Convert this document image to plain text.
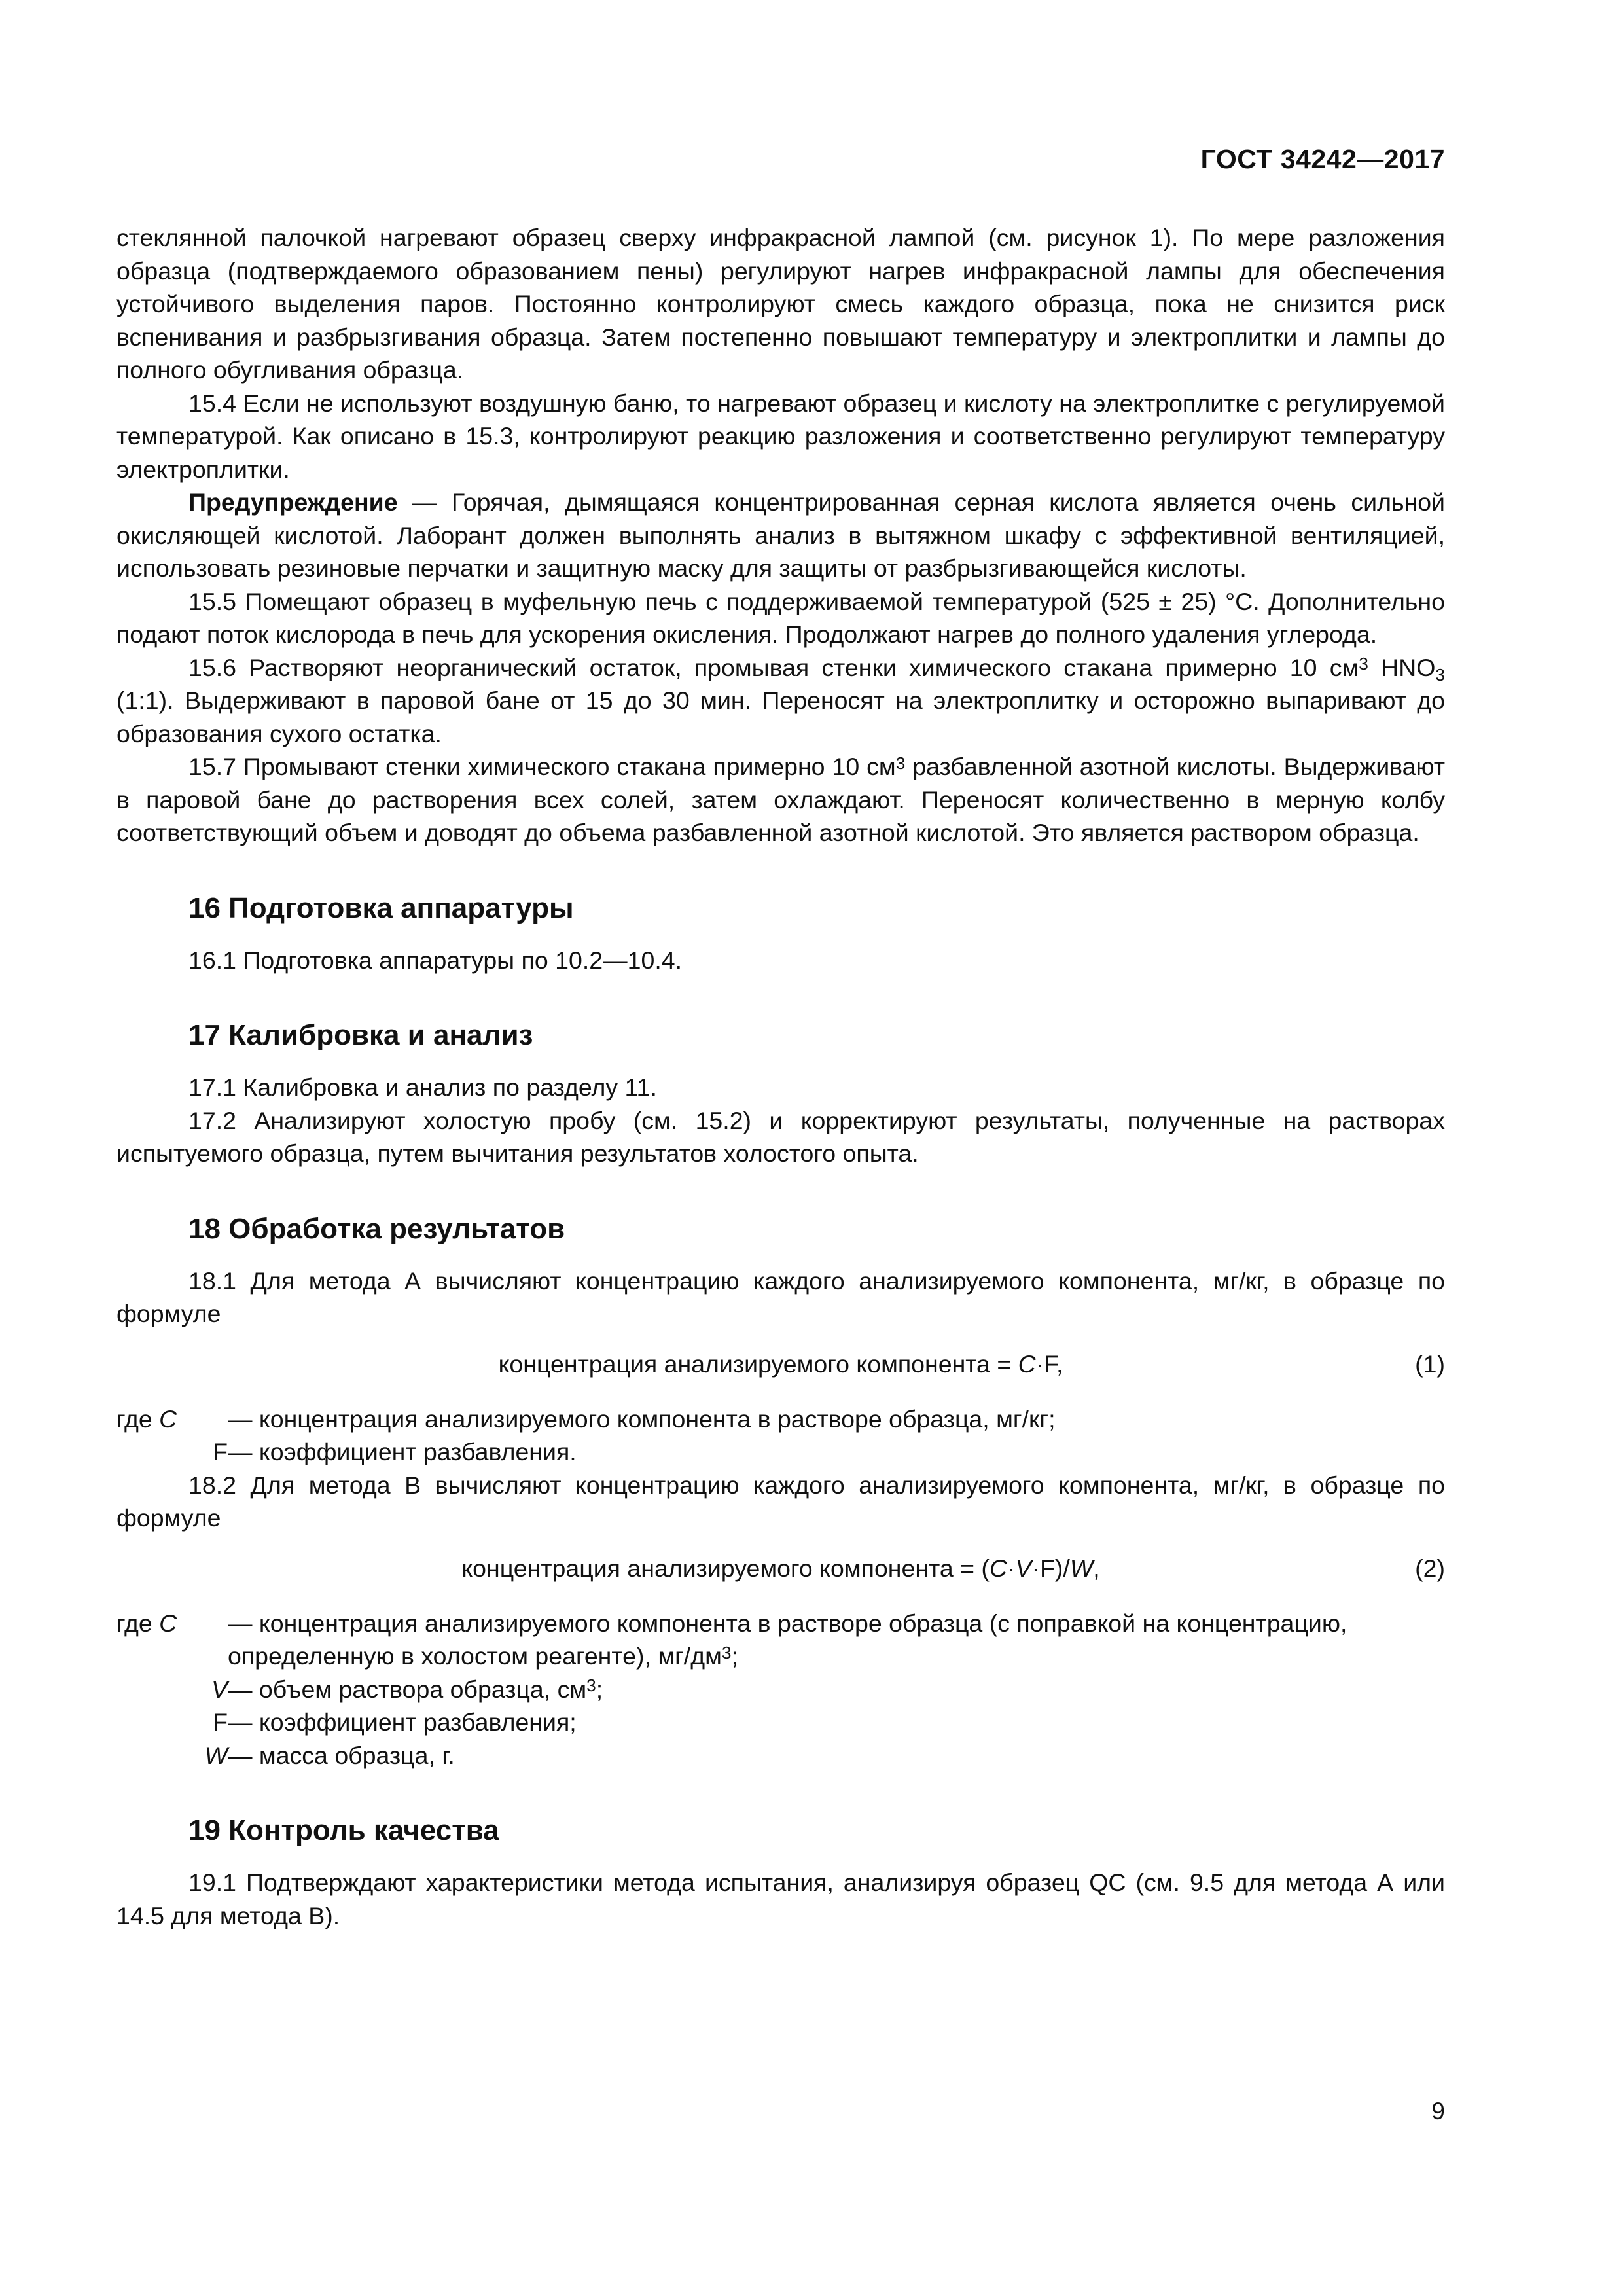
ГОСТ 34242—2017

стеклянной палочкой нагревают образец сверху инфракрасной лампой (см. рисунок 1). По мере разложения образца (подтверждаемого образованием пены) регулируют нагрев инфракрасной лампы для обеспечения устойчивого выделения паров. Постоянно контролируют смесь каждого образца, пока не снизится риск вспенивания и разбрызгивания образца. Затем постепенно повышают температуру и электроплитки и лампы до полного обугливания образца.

15.4 Если не используют воздушную баню, то нагревают образец и кислоту на электроплитке с регулируемой температурой. Как описано в 15.3, контролируют реакцию разложения и соответственно регулируют температуру электроплитки.

Предупреждение — Горячая, дымящаяся концентрированная серная кислота является очень сильной окисляющей кислотой. Лаборант должен выполнять анализ в вытяжном шкафу с эффективной вентиляцией, использовать резиновые перчатки и защитную маску для защиты от разбрызгивающейся кислоты.

15.5 Помещают образец в муфельную печь с поддерживаемой температурой (525 ± 25) °С. Дополнительно подают поток кислорода в печь для ускорения окисления. Продолжают нагрев до полного удаления углерода.

15.6 Растворяют неорганический остаток, промывая стенки химического стакана примерно 10 $см^3$ $HNO_3$ (1:1). Выдерживают в паровой бане от 15 до 30 мин. Переносят на электроплитку и осторожно выпаривают до образования сухого остатка.

15.7 Промывают стенки химического стакана примерно 10 $см^3$ разбавленной азотной кислоты. Выдерживают в паровой бане до растворения всех солей, затем охлаждают. Переносят количественно в мерную колбу соответствующий объем и доводят до объема разбавленной азотной кислотой. Это является раствором образца.

16 Подготовка аппаратуры

16.1 Подготовка аппаратуры по 10.2—10.4.

17 Калибровка и анализ

17.1 Калибровка и анализ по разделу 11.

17.2 Анализируют холостую пробу (см. 15.2) и корректируют результаты, полученные на растворах испытуемого образца, путем вычитания результатов холостого опыта.

18 Обработка результатов

18.1 Для метода А вычисляют концентрацию каждого анализируемого компонента, мг/кг, в образце по формуле

концентрация анализируемого компонента = C·F,	(1)
где C	— концентрация анализируемого компонента в растворе образца, мг/кг;
F — коэффициент разбавления.

18.2 Для метода В вычисляют концентрацию каждого анализируемого компонента, мг/кг, в образце по формуле

концентрация анализируемого компонента = (C·V·F)/W,	(2)
где C	— концентрация анализируемого компонента в растворе образца (с поправкой на концентрацию, определенную в холостом реагенте), $мг/дм^3$;
V — объем раствора образца, $см^3$;
F — коэффициент разбавления;
W — масса образца, г.
19 Контроль качества

19.1 Подтверждают характеристики метода испытания, анализируя образец QC (см. 9.5 для метода А или 14.5 для метода В).

9
